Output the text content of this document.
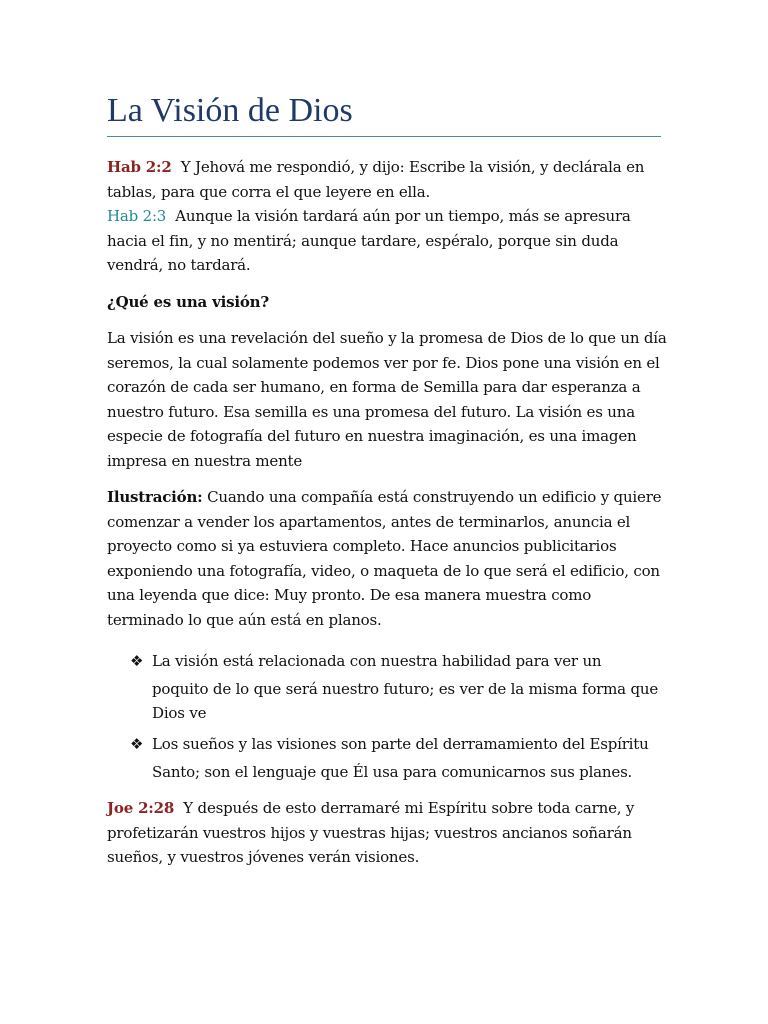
La Visión de Dios

Hab 2:2 Y Jehová me respondió, y dijo: Escribe la visión, y declárala en tablas, para que corra el que leyere en ella.

Hab 2:3 Aunque la visión tardará aún por un tiempo, más se apresura hacia el fin, y no mentirá; aunque tardare, espéralo, porque sin duda vendrá, no tardará.

¿Qué es una visión?

La visión es una revelación del sueño y la promesa de Dios de lo que un día seremos, la cual solamente podemos ver por fe. Dios pone una visión en el corazón de cada ser humano, en forma de Semilla para dar esperanza a nuestro futuro. Esa semilla es una promesa del futuro. La visión es una especie de fotografía del futuro en nuestra imaginación, es una imagen impresa en nuestra mente

Ilustración: Cuando una compañía está construyendo un edificio y quiere comenzar a vender los apartamentos, antes de terminarlos, anuncia el proyecto como si ya estuviera completo. Hace anuncios publicitarios exponiendo una fotografía, video, o maqueta de lo que será el edificio, con una leyenda que dice: Muy pronto. De esa manera muestra como terminado lo que aún está en planos.

❖ La visión está relacionada con nuestra habilidad para ver un
poquito de lo que será nuestro futuro; es ver de la misma forma que Dios ve
❖ Los sueños y las visiones son parte del derramamiento del Espíritu
Santo; son el lenguaje que Él usa para comunicarnos sus planes.

Joe 2:28 Y después de esto derramaré mi Espíritu sobre toda carne, y profetizarán vuestros hijos y vuestras hijas; vuestros ancianos soñarán sueños, y vuestros jóvenes verán visiones.
